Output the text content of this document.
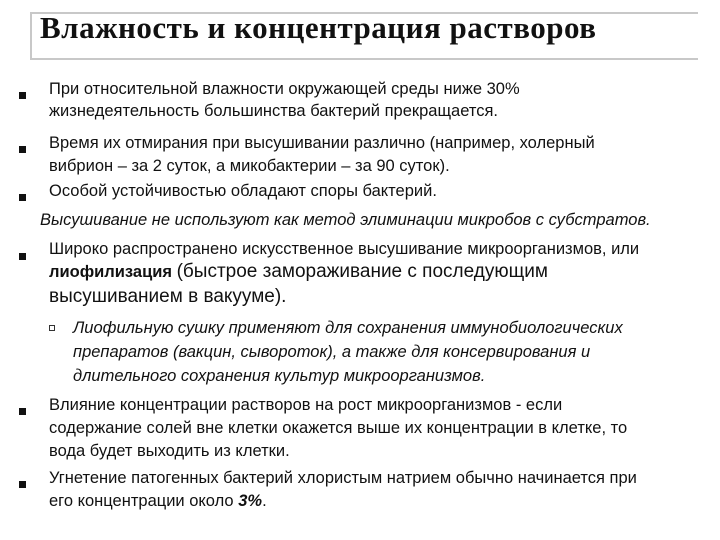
Влажность и концентрация растворов
При относительной влажности окружающей среды ниже 30%
жизнедеятельность большинства бактерий прекращается.
Время их отмирания при высушивании различно (например, холерный
вибрион – за 2 суток, а микобактерии – за 90 суток).
Особой устойчивостью обладают споры бактерий.
Высушивание не используют как метод элиминации микробов с субстратов.
Широко распространено искусственное высушивание микроорганизмов, или
лиофилизация (быстрое замораживание с последующим
высушиванием в вакууме).
Лиофильную сушку применяют для сохранения иммунобиологических
препаратов (вакцин, сывороток), а также для консервирования и
длительного сохранения культур микроорганизмов.
Влияние концентрации растворов на рост микроорганизмов - если
содержание солей вне клетки окажется выше их концентрации в клетке, то
вода будет выходить из клетки.
Угнетение патогенных бактерий хлористым натрием обычно начинается при
его концентрации около 3%.
